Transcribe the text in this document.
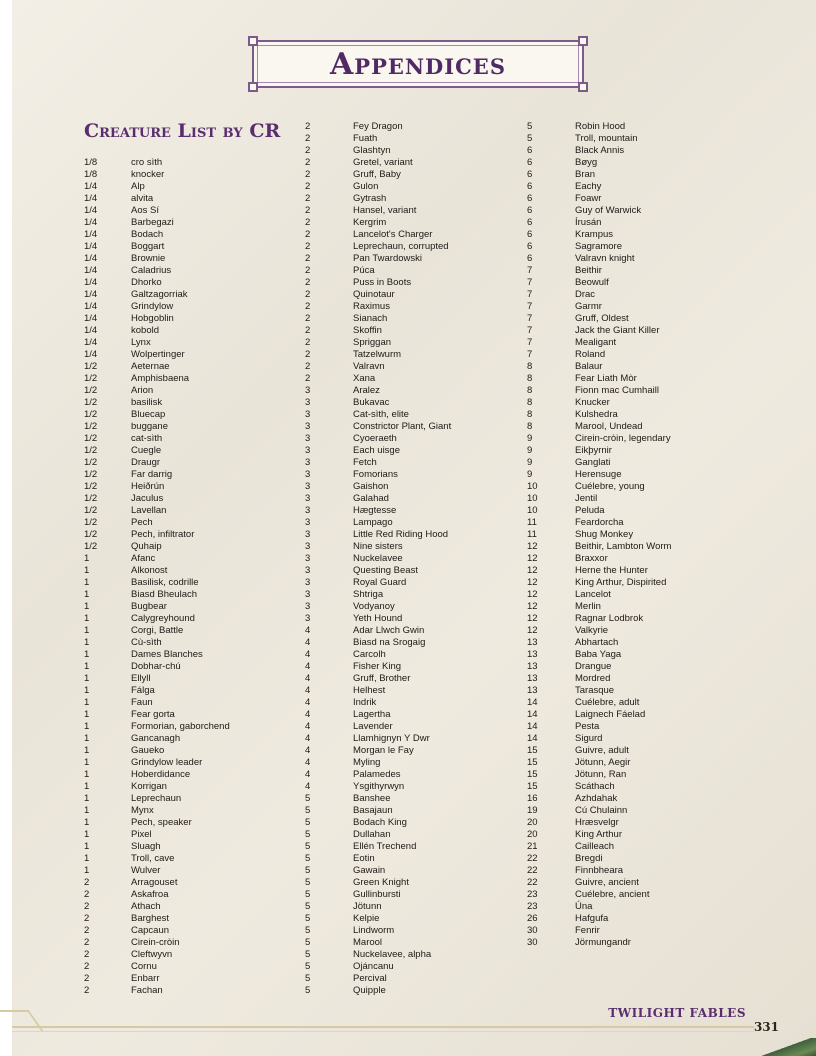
Appendices
Creature List by CR
1/8	cro sìth
1/8	knocker
1/4	Alp
1/4	alvita
1/4	Aos Sí
1/4	Barbegazi
1/4	Bodach
1/4	Boggart
1/4	Brownie
1/4	Caladrius
1/4	Dhorko
1/4	Galtzagorriak
1/4	Grindylow
1/4	Hobgoblin
1/4	kobold
1/4	Lynx
1/4	Wolpertinger
1/2	Aeternae
1/2	Amphisbaena
1/2	Arion
1/2	basilisk
1/2	Bluecap
1/2	buggane
1/2	cat-sìth
1/2	Cuegle
1/2	Draugr
1/2	Far darrig
1/2	Heiðrún
1/2	Jaculus
1/2	Lavellan
1/2	Pech
1/2	Pech, infiltrator
1/2	Quhaip
1	Afanc
1	Alkonost
1	Basilisk, codrille
1	Biasd Bheulach
1	Bugbear
1	Calygreyhound
1	Corgi, Battle
1	Cù-sìth
1	Dames Blanches
1	Dobhar-chú
1	Ellyll
1	Fálga
1	Faun
1	Fear gorta
1	Formorian, gaborchend
1	Gancanagh
1	Gaueko
1	Grindylow leader
1	Hoberdidance
1	Korrigan
1	Leprechaun
1	Mynx
1	Pech, speaker
1	Pixel
1	Sluagh
1	Troll, cave
1	Wulver
2	Arragouset
2	Askafroa
2	Athach
2	Barghest
2	Capcaun
2	Cirein-cròin
2	Cleftwyvn
2	Cornu
2	Enbarr
2	Fachan
2	Fey Dragon
2	Fuath
2	Glashtyn
2	Gretel, variant
2	Gruff, Baby
2	Gulon
2	Gytrash
2	Hansel, variant
2	Kergrim
2	Lancelot's Charger
2	Leprechaun, corrupted
2	Pan Twardowski
2	Púca
2	Puss in Boots
2	Quinotaur
2	Raximus
2	Sianach
2	Skoffin
2	Spriggan
2	Tatzelwurm
2	Valravn
2	Xana
3	Aralez
3	Bukavac
3	Cat-sìth, elite
3	Constrictor Plant, Giant
3	Cyoeraeth
3	Each uisge
3	Fetch
3	Fomorians
3	Gaishon
3	Galahad
3	Hægtesse
3	Lampago
3	Little Red Riding Hood
3	Nine sisters
3	Nuckelavee
3	Questing Beast
3	Royal Guard
3	Shtriga
3	Vodyanoy
3	Yeth Hound
4	Adar Llwch Gwin
4	Biasd na Srogaig
4	Carcolh
4	Fisher King
4	Gruff, Brother
4	Helhest
4	Indrik
4	Lagertha
4	Lavender
4	Llamhignyn Y Dwr
4	Morgan le Fay
4	Myling
4	Palamedes
4	Ysgithyrwyn
5	Banshee
5	Basajaun
5	Bodach King
5	Dullahan
5	Ellén Trechend
5	Eotin
5	Gawain
5	Green Knight
5	Gullinbursti
5	Jötunn
5	Kelpie
5	Lindworm
5	Marool
5	Nuckelavee, alpha
5	Ojáncanu
5	Percival
5	Quipple
5	Robin Hood
5	Troll, mountain
6	Black Annis
6	Bøyg
6	Bran
6	Eachy
6	Foawr
6	Guy of Warwick
6	Írusán
6	Krampus
6	Sagramore
6	Valravn knight
7	Beithir
7	Beowulf
7	Drac
7	Garmr
7	Gruff, Oldest
7	Jack the Giant Killer
7	Mealigant
7	Roland
8	Balaur
8	Fear Liath Mòr
8	Fionn mac Cumhaill
8	Knucker
8	Kulshedra
8	Marool, Undead
9	Cirein-cròin, legendary
9	Eikþyrnir
9	Ganglati
9	Herensuge
10	Cuélebre, young
10	Jentil
10	Peluda
11	Feardorcha
11	Shug Monkey
12	Beithir, Lambton Worm
12	Braxxor
12	Herne the Hunter
12	King Arthur, Dispirited
12	Lancelot
12	Merlin
12	Ragnar Lodbrok
12	Valkyrie
13	Abhartach
13	Baba Yaga
13	Drangue
13	Mordred
13	Tarasque
14	Cuélebre, adult
14	Laignech Fáelad
14	Pesta
14	Sigurd
15	Guivre, adult
15	Jötunn, Aegir
15	Jötunn, Ran
15	Scáthach
16	Azhdahak
19	Cú Chulainn
20	Hræsvelgr
20	King Arthur
21	Cailleach
22	Bregdi
22	Finnbheara
22	Guivre, ancient
23	Cuélebre, ancient
23	Úna
26	Hafgufa
30	Fenrir
30	Jörmungandr
TWILIGHT FABLES
331
